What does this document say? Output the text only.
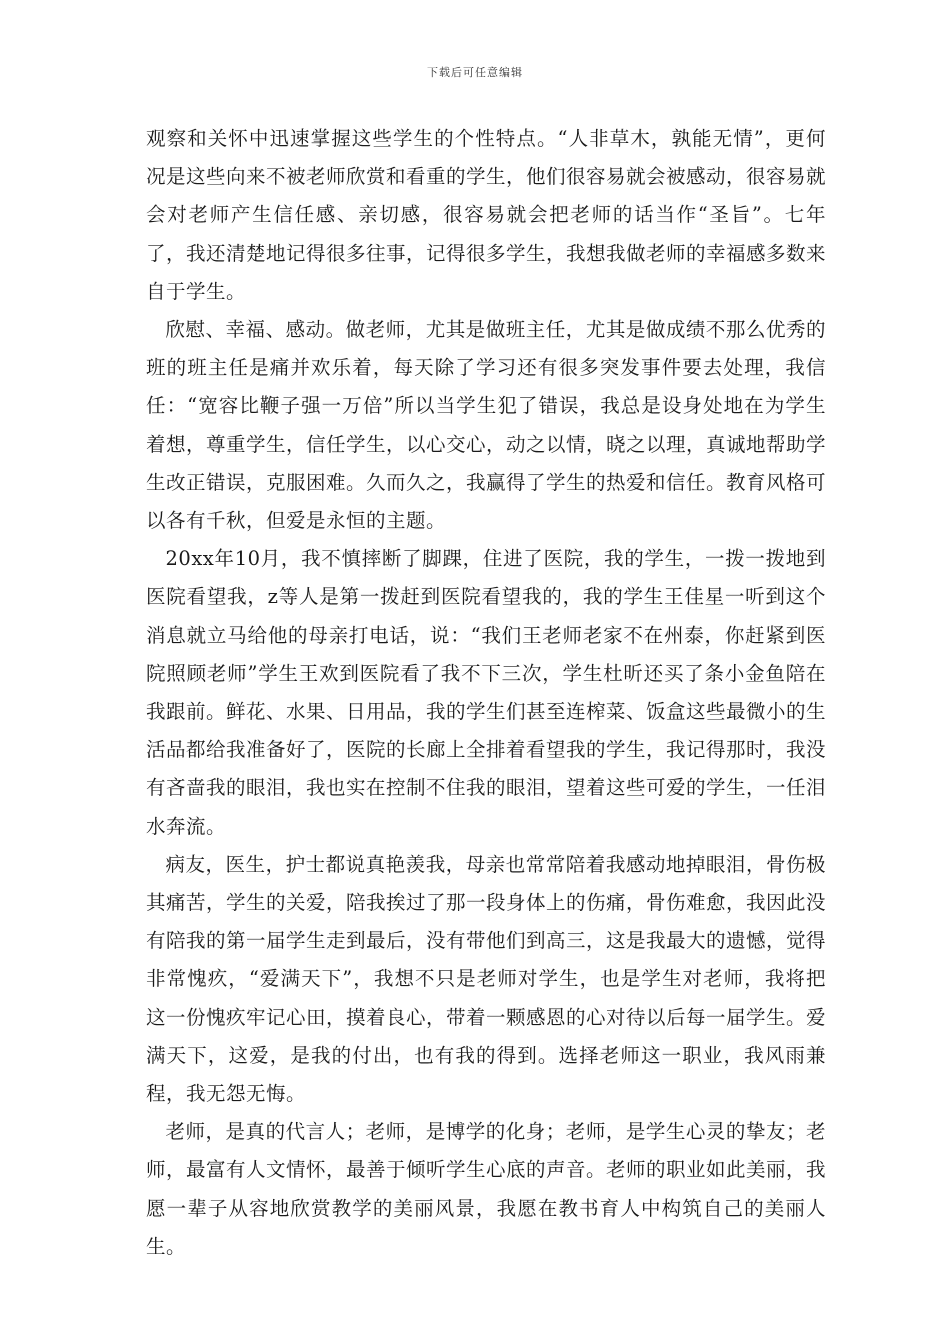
下载后可任意编辑

观察和关怀中迅速掌握这些学生的个性特点。“人非草木，孰能无情”，更何况是这些向来不被老师欣赏和看重的学生，他们很容易就会被感动，很容易就会对老师产生信任感、亲切感，很容易就会把老师的话当作“圣旨”。七年了，我还清楚地记得很多往事，记得很多学生，我想我做老师的幸福感多数来自于学生。

欣慰、幸福、感动。做老师，尤其是做班主任，尤其是做成绩不那么优秀的班的班主任是痛并欢乐着，每天除了学习还有很多突发事件要去处理，我信任：“宽容比鞭子强一万倍”所以当学生犯了错误，我总是设身处地在为学生着想，尊重学生，信任学生，以心交心，动之以情，晓之以理，真诚地帮助学生改正错误，克服困难。久而久之，我赢得了学生的热爱和信任。教育风格可以各有千秋，但爱是永恒的主题。

20xx年10月，我不慎摔断了脚踝，住进了医院，我的学生，一拨一拨地到医院看望我，z等人是第一拨赶到医院看望我的，我的学生王佳星一听到这个消息就立马给他的母亲打电话，说：“我们王老师老家不在州泰，你赶紧到医院照顾老师”学生王欢到医院看了我不下三次，学生杜昕还买了条小金鱼陪在我跟前。鲜花、水果、日用品，我的学生们甚至连榨菜、饭盒这些最微小的生活品都给我准备好了，医院的长廊上全排着看望我的学生，我记得那时，我没有吝啬我的眼泪，我也实在控制不住我的眼泪，望着这些可爱的学生，一任泪水奔流。

病友，医生，护士都说真艳羡我，母亲也常常陪着我感动地掉眼泪，骨伤极其痛苦，学生的关爱，陪我挨过了那一段身体上的伤痛，骨伤难愈，我因此没有陪我的第一届学生走到最后，没有带他们到高三，这是我最大的遗憾，觉得非常愧疚，“爱满天下”，我想不只是老师对学生，也是学生对老师，我将把这一份愧疚牢记心田，摸着良心，带着一颗感恩的心对待以后每一届学生。爱满天下，这爱，是我的付出，也有我的得到。选择老师这一职业，我风雨兼程，我无怨无悔。

老师，是真的代言人；老师，是博学的化身；老师，是学生心灵的挚友；老师，最富有人文情怀，最善于倾听学生心底的声音。老师的职业如此美丽，我愿一辈子从容地欣赏教学的美丽风景，我愿在教书育人中构筑自己的美丽人生。
